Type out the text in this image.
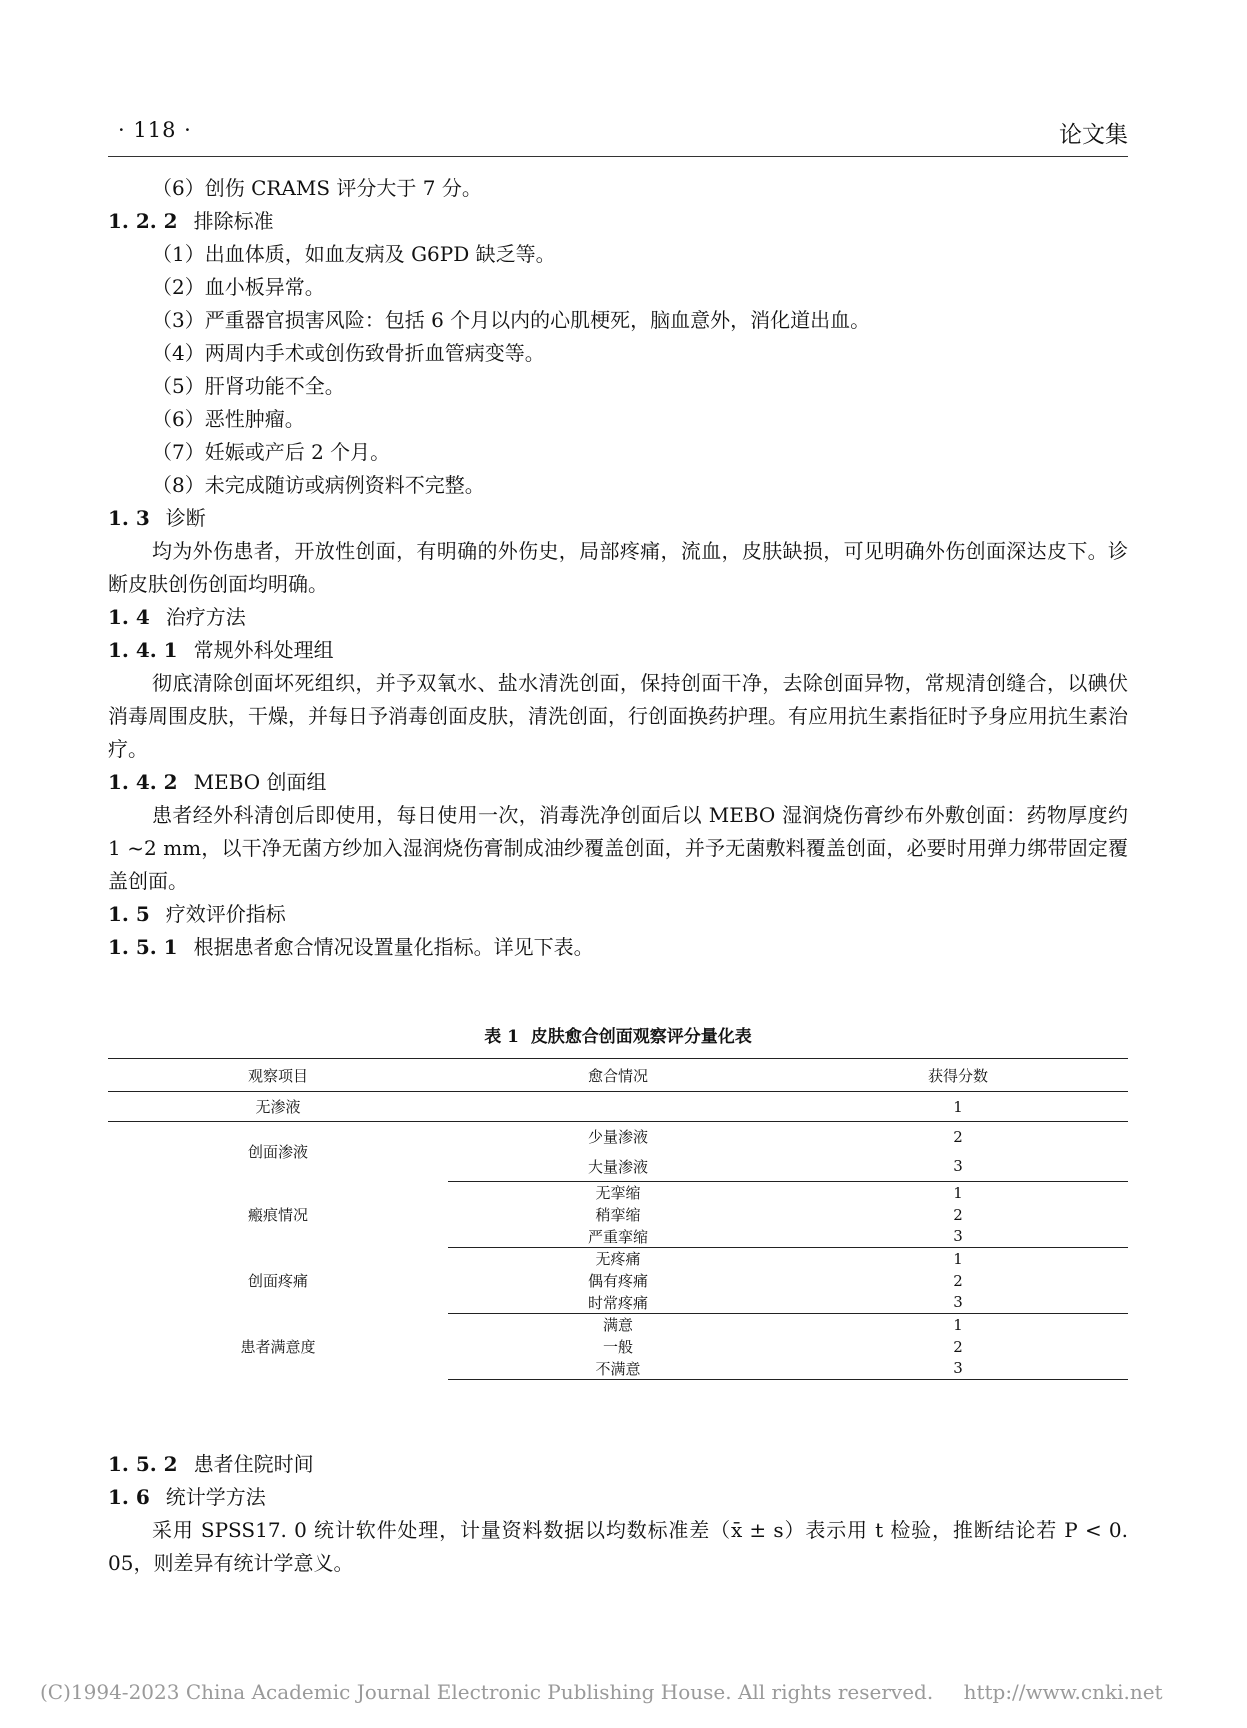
· 118 ·	论文集
（6）创伤 CRAMS 评分大于 7 分。
1. 2. 2 排除标准
（1）出血体质，如血友病及 G6PD 缺乏等。
（2）血小板异常。
（3）严重器官损害风险：包括 6 个月以内的心肌梗死，脑血意外，消化道出血。
（4）两周内手术或创伤致骨折血管病变等。
（5）肝肾功能不全。
（6）恶性肿瘤。
（7）妊娠或产后 2 个月。
（8）未完成随访或病例资料不完整。
1. 3 诊断
均为外伤患者，开放性创面，有明确的外伤史，局部疼痛，流血，皮肤缺损，可见明确外伤创面深达皮下。诊断皮肤创伤创面均明确。
1. 4 治疗方法
1. 4. 1 常规外科处理组
彻底清除创面坏死组织，并予双氧水、盐水清洗创面，保持创面干净，去除创面异物，常规清创缝合，以碘伏消毒周围皮肤，干燥，并每日予消毒创面皮肤，清洗创面，行创面换药护理。有应用抗生素指征时予身应用抗生素治疗。
1. 4. 2 MEBO 创面组
患者经外科清创后即使用，每日使用一次，消毒洗净创面后以 MEBO 湿润烧伤膏纱布外敷创面：药物厚度约 1 ~2 mm，以干净无菌方纱加入湿润烧伤膏制成油纱覆盖创面，并予无菌敷料覆盖创面，必要时用弹力绑带固定覆盖创面。
1. 5 疗效评价指标
1. 5. 1 根据患者愈合情况设置量化指标。详见下表。
表 1 皮肤愈合创面观察评分量化表
观察项目	愈合情况	获得分数
无渗液		1
创面渗液	少量渗液	2
	大量渗液	3
瘢痕情况	无挛缩	1
	稍挛缩	2
	严重挛缩	3
创面疼痛	无疼痛	1
	偶有疼痛	2
	时常疼痛	3
患者满意度	满意	1
	一般	2
	不满意	3
1. 5. 2 患者住院时间
1. 6 统计学方法
采用 SPSS17. 0 统计软件处理，计量资料数据以均数标准差（x̄ ± s）表示用 t 检验，推断结论若 P < 0. 05，则差异有统计学意义。
(C)1994-2023 China Academic Journal Electronic Publishing House. All rights reserved. http://www.cnki.net
